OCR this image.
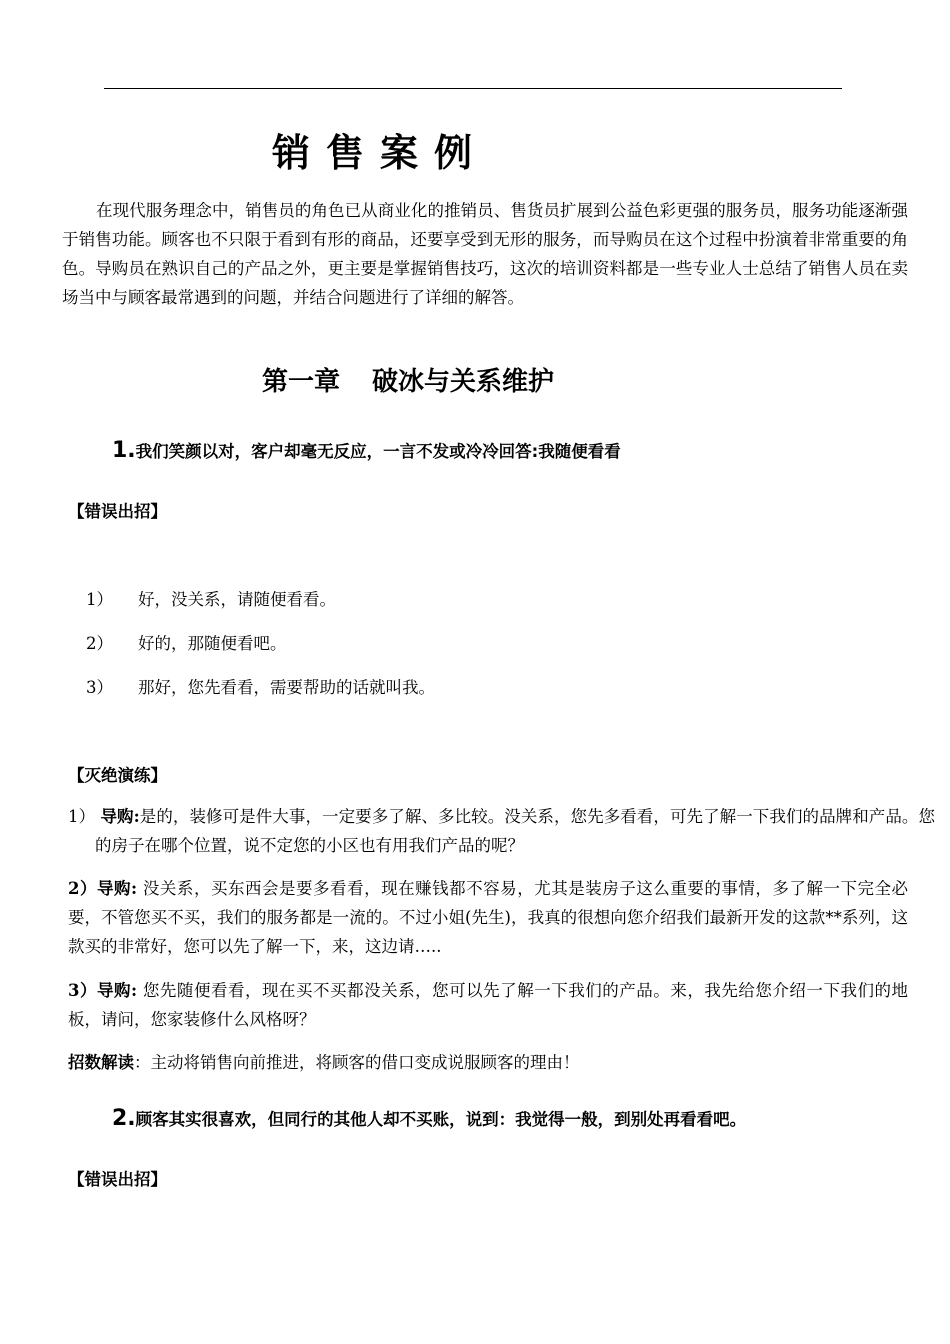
销售案例
在现代服务理念中，销售员的角色已从商业化的推销员、售货员扩展到公益色彩更强的服务员，服务功能逐渐强于销售功能。顾客也不只限于看到有形的商品，还要享受到无形的服务，而导购员在这个过程中扮演着非常重要的角色。导购员在熟识自己的产品之外，更主要是掌握销售技巧，这次的培训资料都是一些专业人士总结了销售人员在卖场当中与顾客最常遇到的问题，并结合问题进行了详细的解答。
第一章 破冰与关系维护
1.我们笑颜以对，客户却毫无反应，一言不发或冷冷回答:我随便看看
【错误出招】
1） 好，没关系，请随便看看。
2） 好的，那随便看吧。
3） 那好，您先看看，需要帮助的话就叫我。
【灭绝演练】
1） 导购:是的，装修可是件大事，一定要多了解、多比较。没关系，您先多看看，可先了解一下我们的品牌和产品。您的房子在哪个位置，说不定您的小区也有用我们产品的呢？
2）导购: 没关系，买东西会是要多看看，现在赚钱都不容易，尤其是装房子这么重要的事情，多了解一下完全必要，不管您买不买，我们的服务都是一流的。不过小姐(先生)，我真的很想向您介绍我们最新开发的这款**系列，这款买的非常好，您可以先了解一下，来，这边请…..
3）导购: 您先随便看看，现在买不买都没关系，您可以先了解一下我们的产品。来，我先给您介绍一下我们的地板，请问，您家装修什么风格呀？
招数解读：主动将销售向前推进，将顾客的借口变成说服顾客的理由！
2.顾客其实很喜欢，但同行的其他人却不买账，说到：我觉得一般，到别处再看看吧。
【错误出招】
